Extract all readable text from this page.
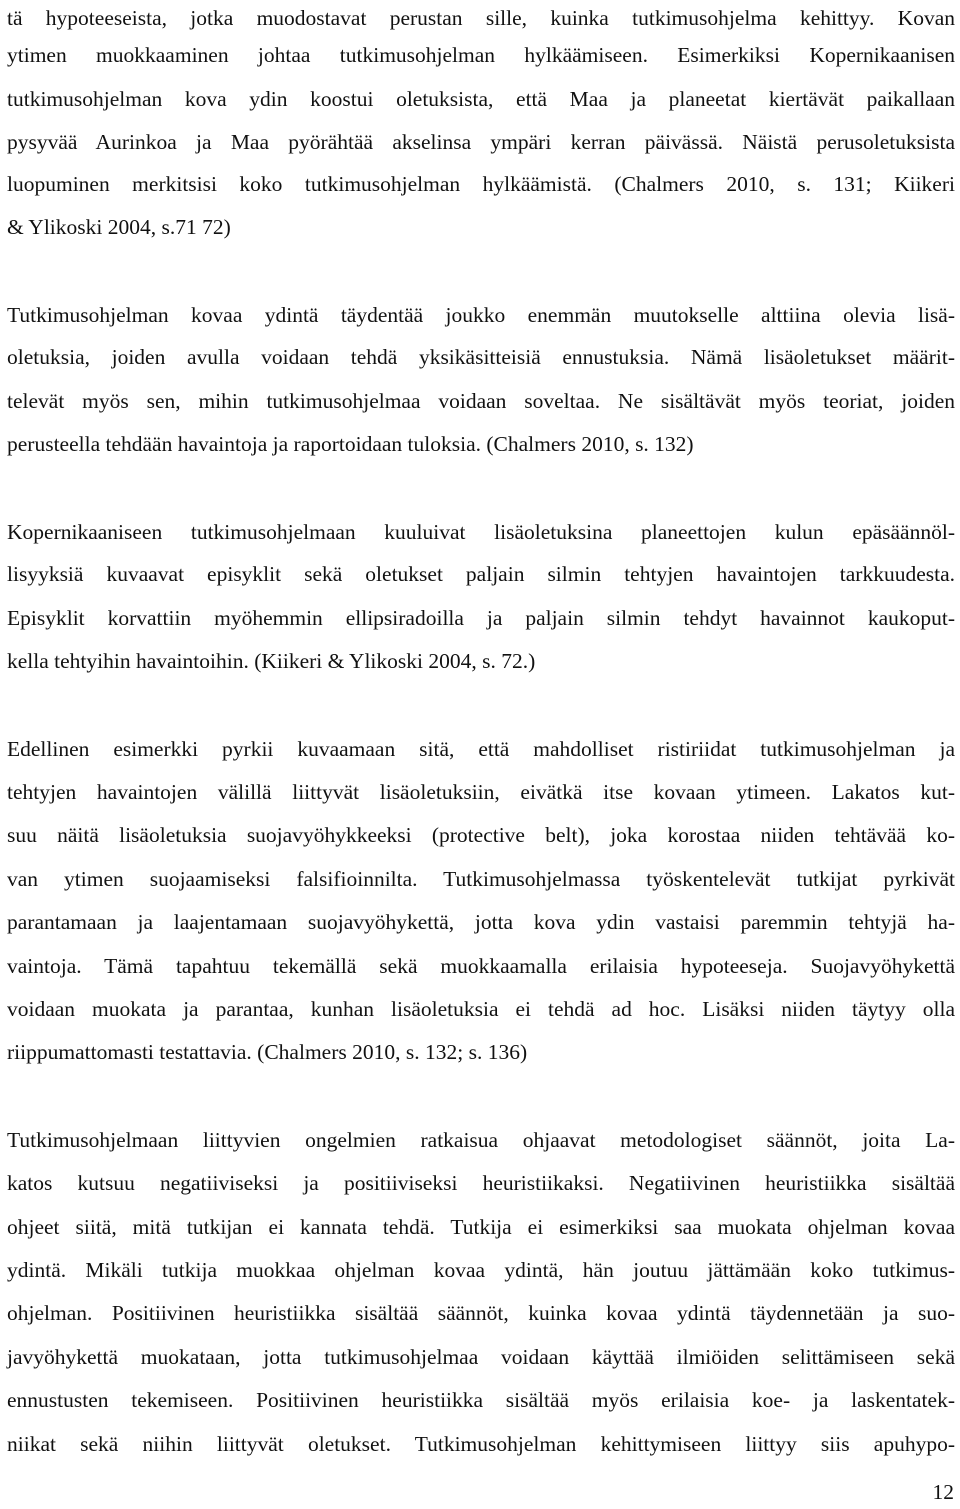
tä hypoteeseista, jotka muodostavat perustan sille, kuinka tutkimusohjelma kehittyy. Kovan
ytimen muokkaaminen johtaa tutkimusohjelman hylkäämiseen. Esimerkiksi Kopernikaanisen
tutkimusohjelman kova ydin koostui oletuksista, että Maa ja planeetat kiertävät paikallaan
pysyvää Aurinkoa ja Maa pyörähtää akselinsa ympäri kerran päivässä. Näistä perusoletuksista
luopuminen merkitsisi koko tutkimusohjelman hylkäämistä. (Chalmers 2010, s. 131; Kiikeri
& Ylikoski 2004, s.71 72)
Tutkimusohjelman kovaa ydintä täydentää joukko enemmän muutokselle alttiina olevia lisä-
oletuksia, joiden avulla voidaan tehdä yksikäsitteisiä ennustuksia. Nämä lisäoletukset määrit-
televät myös sen, mihin tutkimusohjelmaa voidaan soveltaa. Ne sisältävät myös teoriat, joiden
perusteella tehdään havaintoja ja raportoidaan tuloksia. (Chalmers 2010, s. 132)
Kopernikaaniseen tutkimusohjelmaan kuuluivat lisäoletuksina planeettojen kulun epäsäännöl-
lisyyksiä kuvaavat episyklit sekä oletukset paljain silmin tehtyjen havaintojen tarkkuudesta.
Episyklit korvattiin myöhemmin ellipsiradoilla ja paljain silmin tehdyt havainnot kaukoput-
kella tehtyihin havaintoihin. (Kiikeri & Ylikoski 2004, s. 72.)
Edellinen esimerkki pyrkii kuvaamaan sitä, että mahdolliset ristiriidat tutkimusohjelman ja
tehtyjen havaintojen välillä liittyvät lisäoletuksiin, eivätkä itse kovaan ytimeen. Lakatos kut-
suu näitä lisäoletuksia suojavyöhykkeeksi (protective belt), joka korostaa niiden tehtävää ko-
van ytimen suojaamiseksi falsifioinnilta. Tutkimusohjelmassa työskentelevät tutkijat pyrkivät
parantamaan ja laajentamaan suojavyöhykettä, jotta kova ydin vastaisi paremmin tehtyjä ha-
vaintoja. Tämä tapahtuu tekemällä sekä muokkaamalla erilaisia hypoteeseja. Suojavyöhykettä
voidaan muokata ja parantaa, kunhan lisäoletuksia ei tehdä ad hoc. Lisäksi niiden täytyy olla
riippumattomasti testattavia. (Chalmers 2010, s. 132; s. 136)
Tutkimusohjelmaan liittyvien ongelmien ratkaisua ohjaavat metodologiset säännöt, joita La-
katos kutsuu negatiiviseksi ja positiiviseksi heuristiikaksi. Negatiivinen heuristiikka sisältää
ohjeet siitä, mitä tutkijan ei kannata tehdä. Tutkija ei esimerkiksi saa muokata ohjelman kovaa
ydintä. Mikäli tutkija muokkaa ohjelman kovaa ydintä, hän joutuu jättämään koko tutkimus-
ohjelman. Positiivinen heuristiikka sisältää säännöt, kuinka kovaa ydintä täydennetään ja suo-
javyöhykettä muokataan, jotta tutkimusohjelmaa voidaan käyttää ilmiöiden selittämiseen sekä
ennustusten tekemiseen. Positiivinen heuristiikka sisältää myös erilaisia koe- ja laskentatek-
niikat sekä niihin liittyvät oletukset. Tutkimusohjelman kehittymiseen liittyy siis apuhypo-
12
